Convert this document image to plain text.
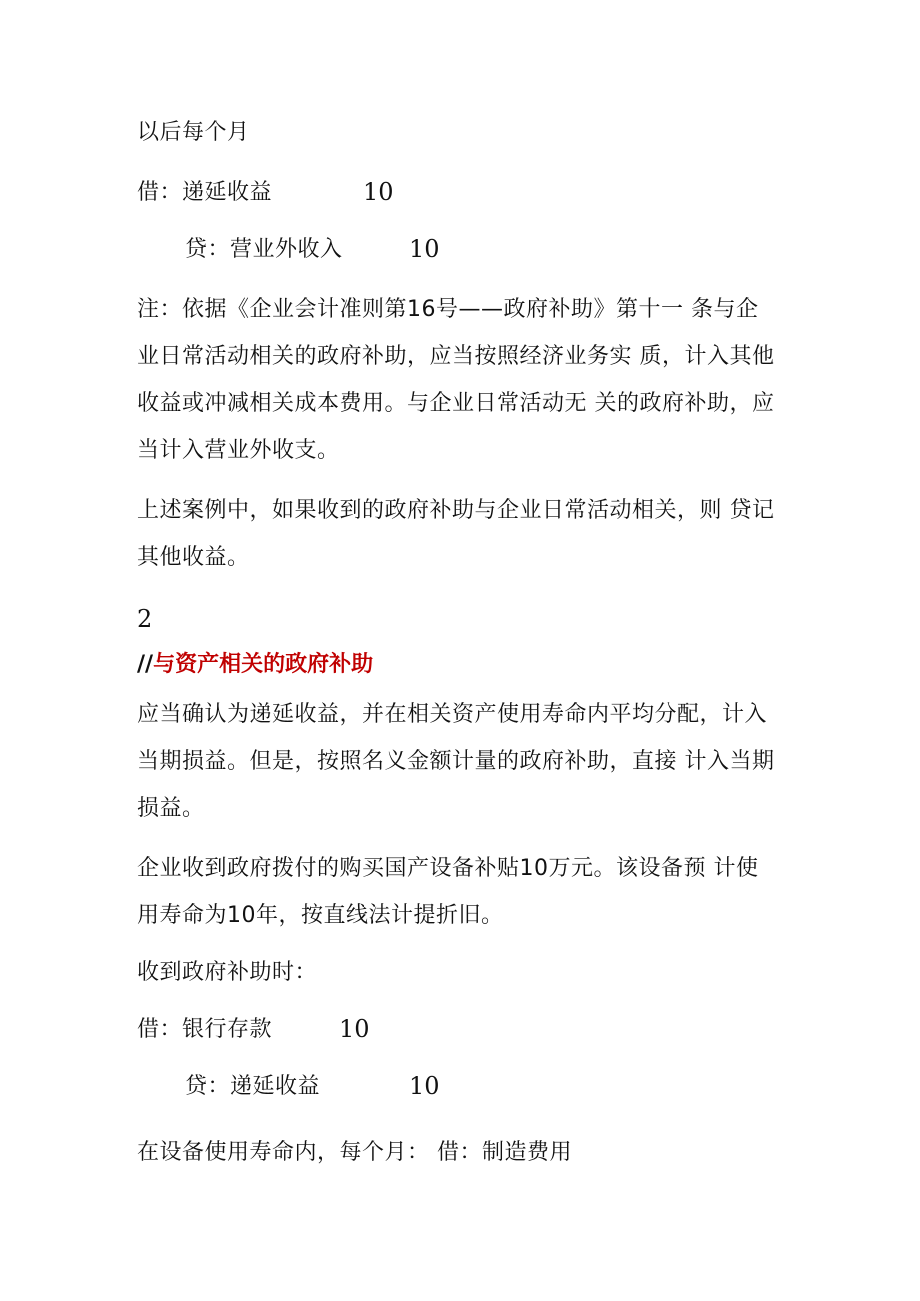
以后每个月
借：递延收益	10
贷：营业外收入	10
注：依据《企业会计准则第16号——政府补助》第十一 条与企
业日常活动相关的政府补助，应当按照经济业务实 质，计入其他
收益或冲减相关成本费用。与企业日常活动无 关的政府补助，应
当计入营业外收支。
上述案例中，如果收到的政府补助与企业日常活动相关，则 贷记
其他收益。
2
//与资产相关的政府补助
应当确认为递延收益，并在相关资产使用寿命内平均分配，计入
当期损益。但是，按照名义金额计量的政府补助，直接 计入当期
损益。
企业收到政府拨付的购买国产设备补贴10万元。该设备预 计使
用寿命为10年，按直线法计提折旧。
收到政府补助时：
借：银行存款	10
贷：递延收益	10
在设备使用寿命内，每个月： 借：制造费用
